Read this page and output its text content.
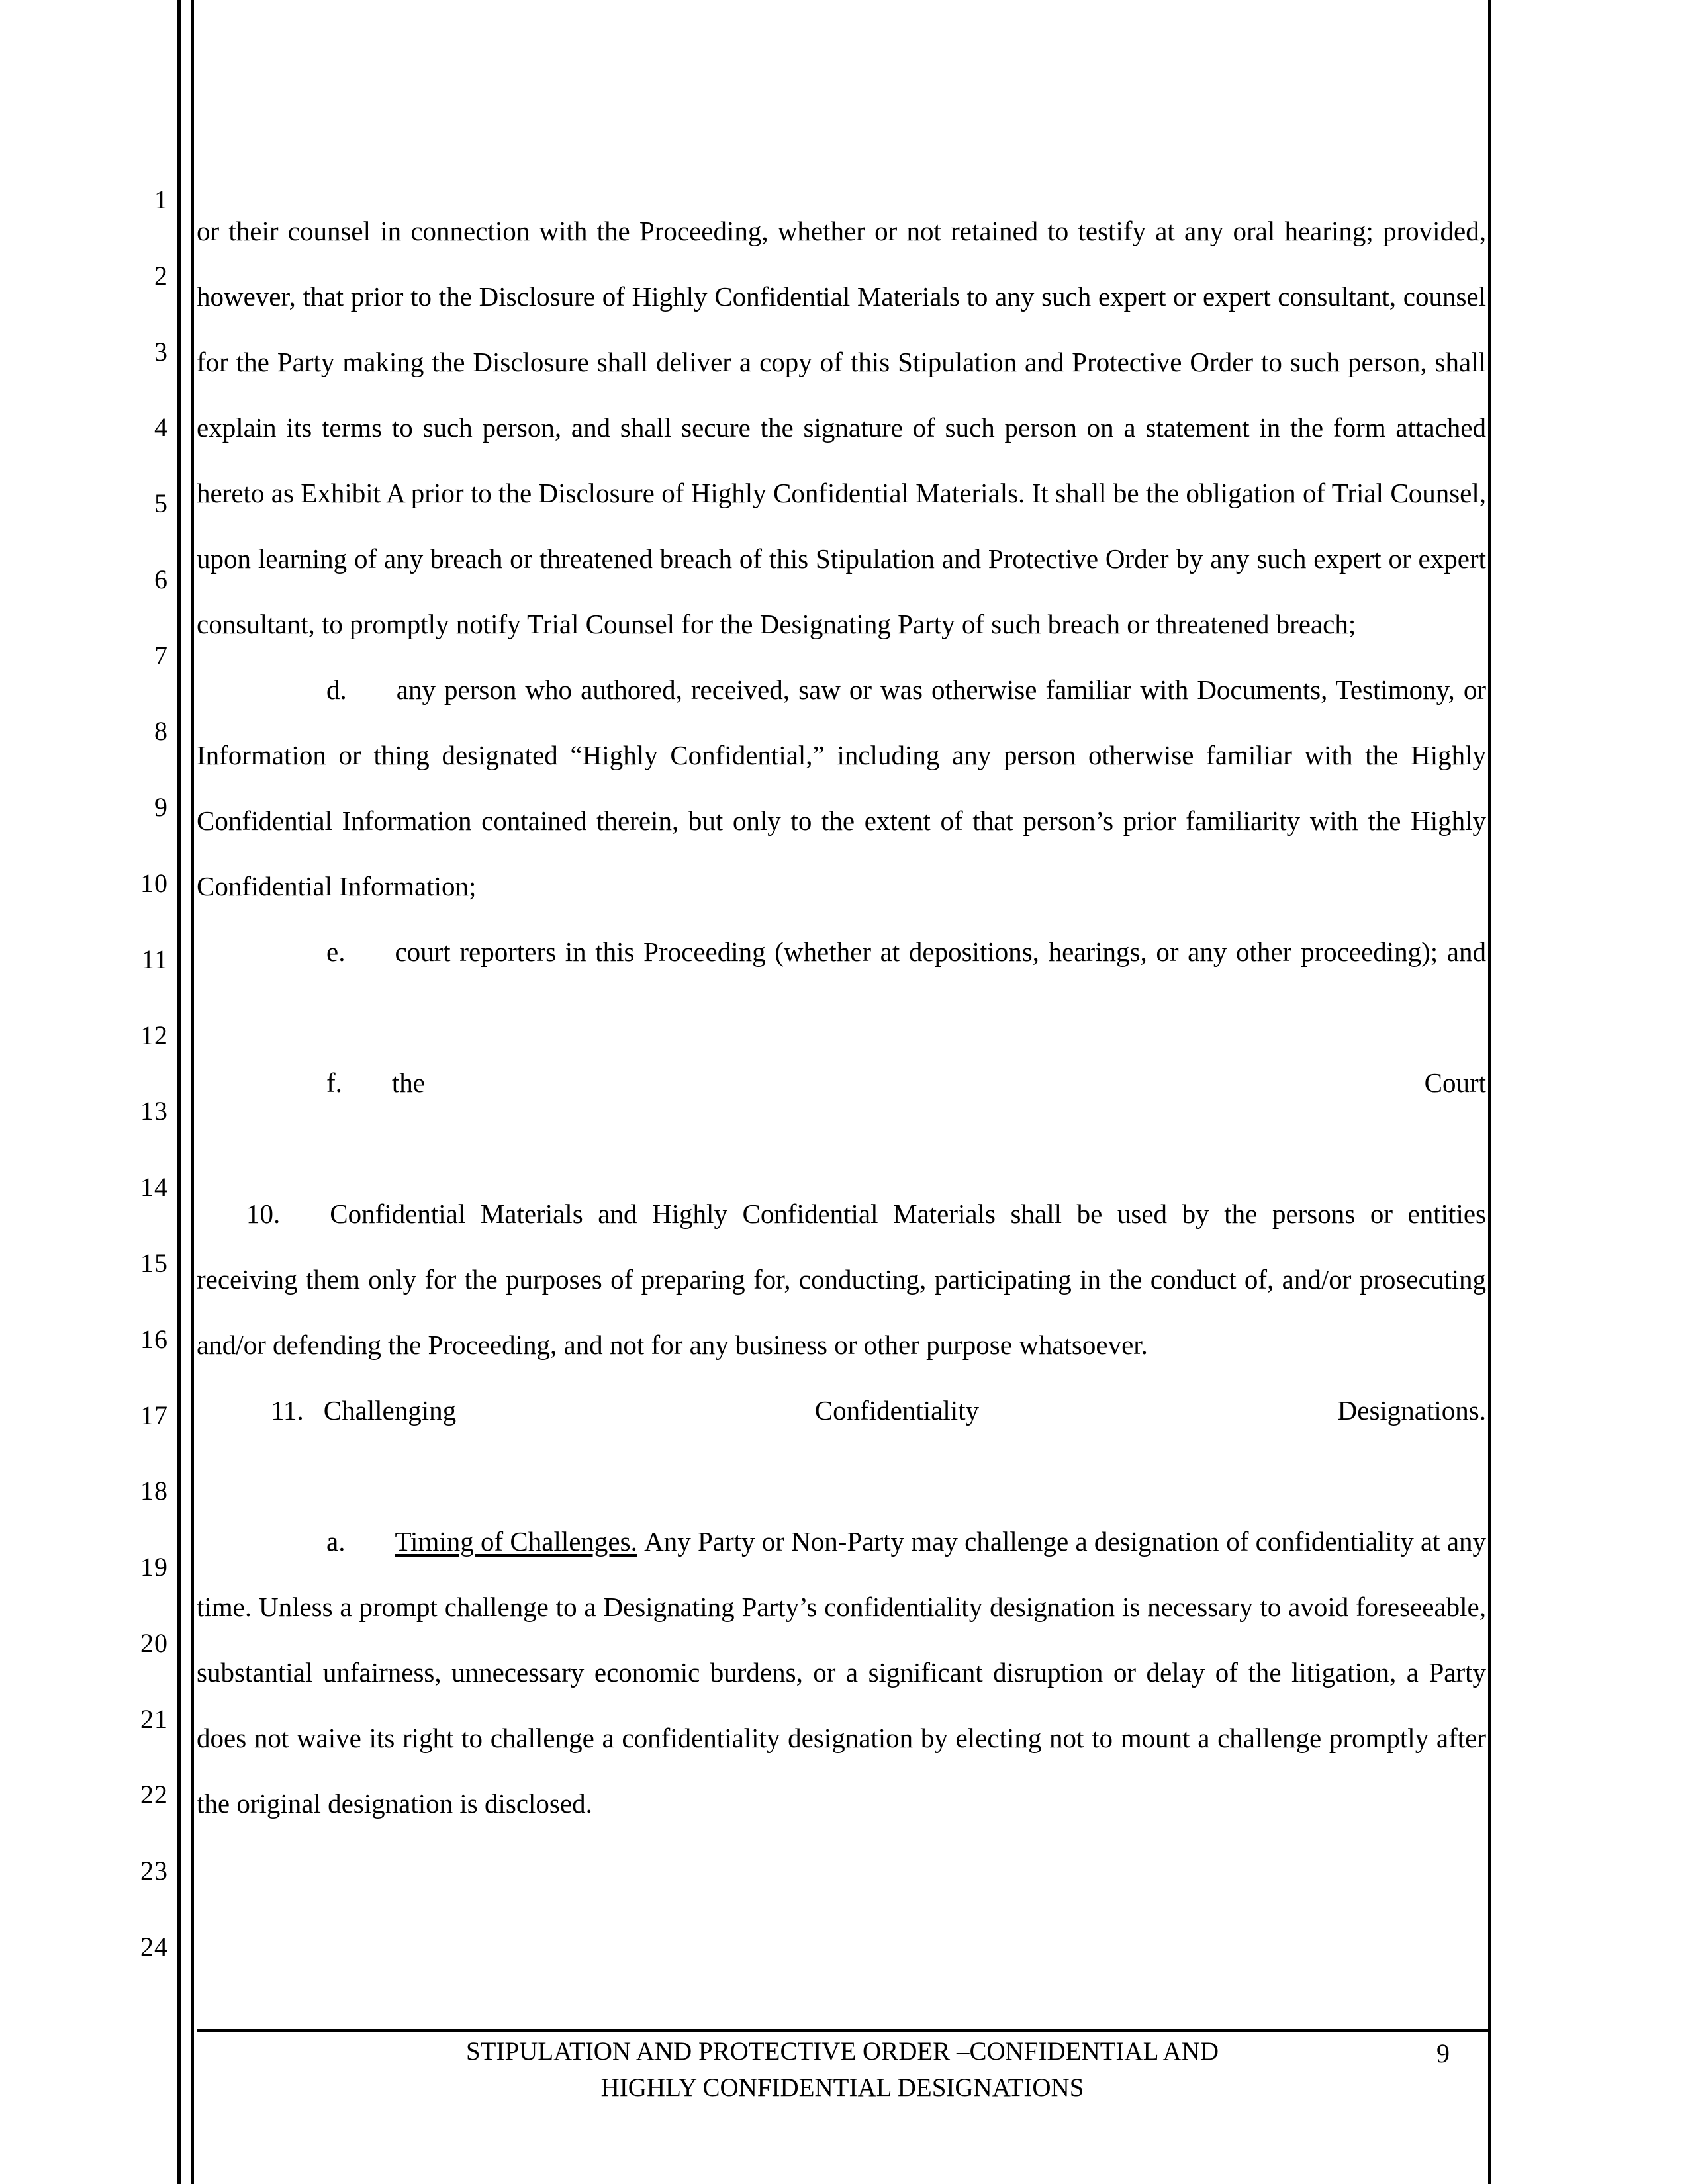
1
2
3
4
5
6
7
8
9
10
11
12
13
14
15
16
17
18
19
20
21
22
23
24

or their counsel in connection with the Proceeding, whether or not retained to testify at any oral hearing; provided, however, that prior to the Disclosure of Highly Confidential Materials to any such expert or expert consultant, counsel for the Party making the Disclosure shall deliver a copy of this Stipulation and Protective Order to such person, shall explain its terms to such person, and shall secure the signature of such person on a statement in the form attached hereto as Exhibit A prior to the Disclosure of Highly Confidential Materials. It shall be the obligation of Trial Counsel, upon learning of any breach or threatened breach of this Stipulation and Protective Order by any such expert or expert consultant, to promptly notify Trial Counsel for the Designating Party of such breach or threatened breach;

d. any person who authored, received, saw or was otherwise familiar with Documents, Testimony, or Information or thing designated “Highly Confidential,” including any person otherwise familiar with the Highly Confidential Information contained therein, but only to the extent of that person’s prior familiarity with the Highly Confidential Information;

e. court reporters in this Proceeding (whether at depositions, hearings, or any other proceeding); and

f. the Court

10. Confidential Materials and Highly Confidential Materials shall be used by the persons or entities receiving them only for the purposes of preparing for, conducting, participating in the conduct of, and/or prosecuting and/or defending the Proceeding, and not for any business or other purpose whatsoever.

11. Challenging Confidentiality Designations.

a. Timing of Challenges. Any Party or Non-Party may challenge a designation of confidentiality at any time. Unless a prompt challenge to a Designating Party’s confidentiality designation is necessary to avoid foreseeable, substantial unfairness, unnecessary economic burdens, or a significant disruption or delay of the litigation, a Party does not waive its right to challenge a confidentiality designation by electing not to mount a challenge promptly after the original designation is disclosed.

STIPULATION AND PROTECTIVE ORDER –CONFIDENTIAL AND
HIGHLY CONFIDENTIAL DESIGNATIONS
9
